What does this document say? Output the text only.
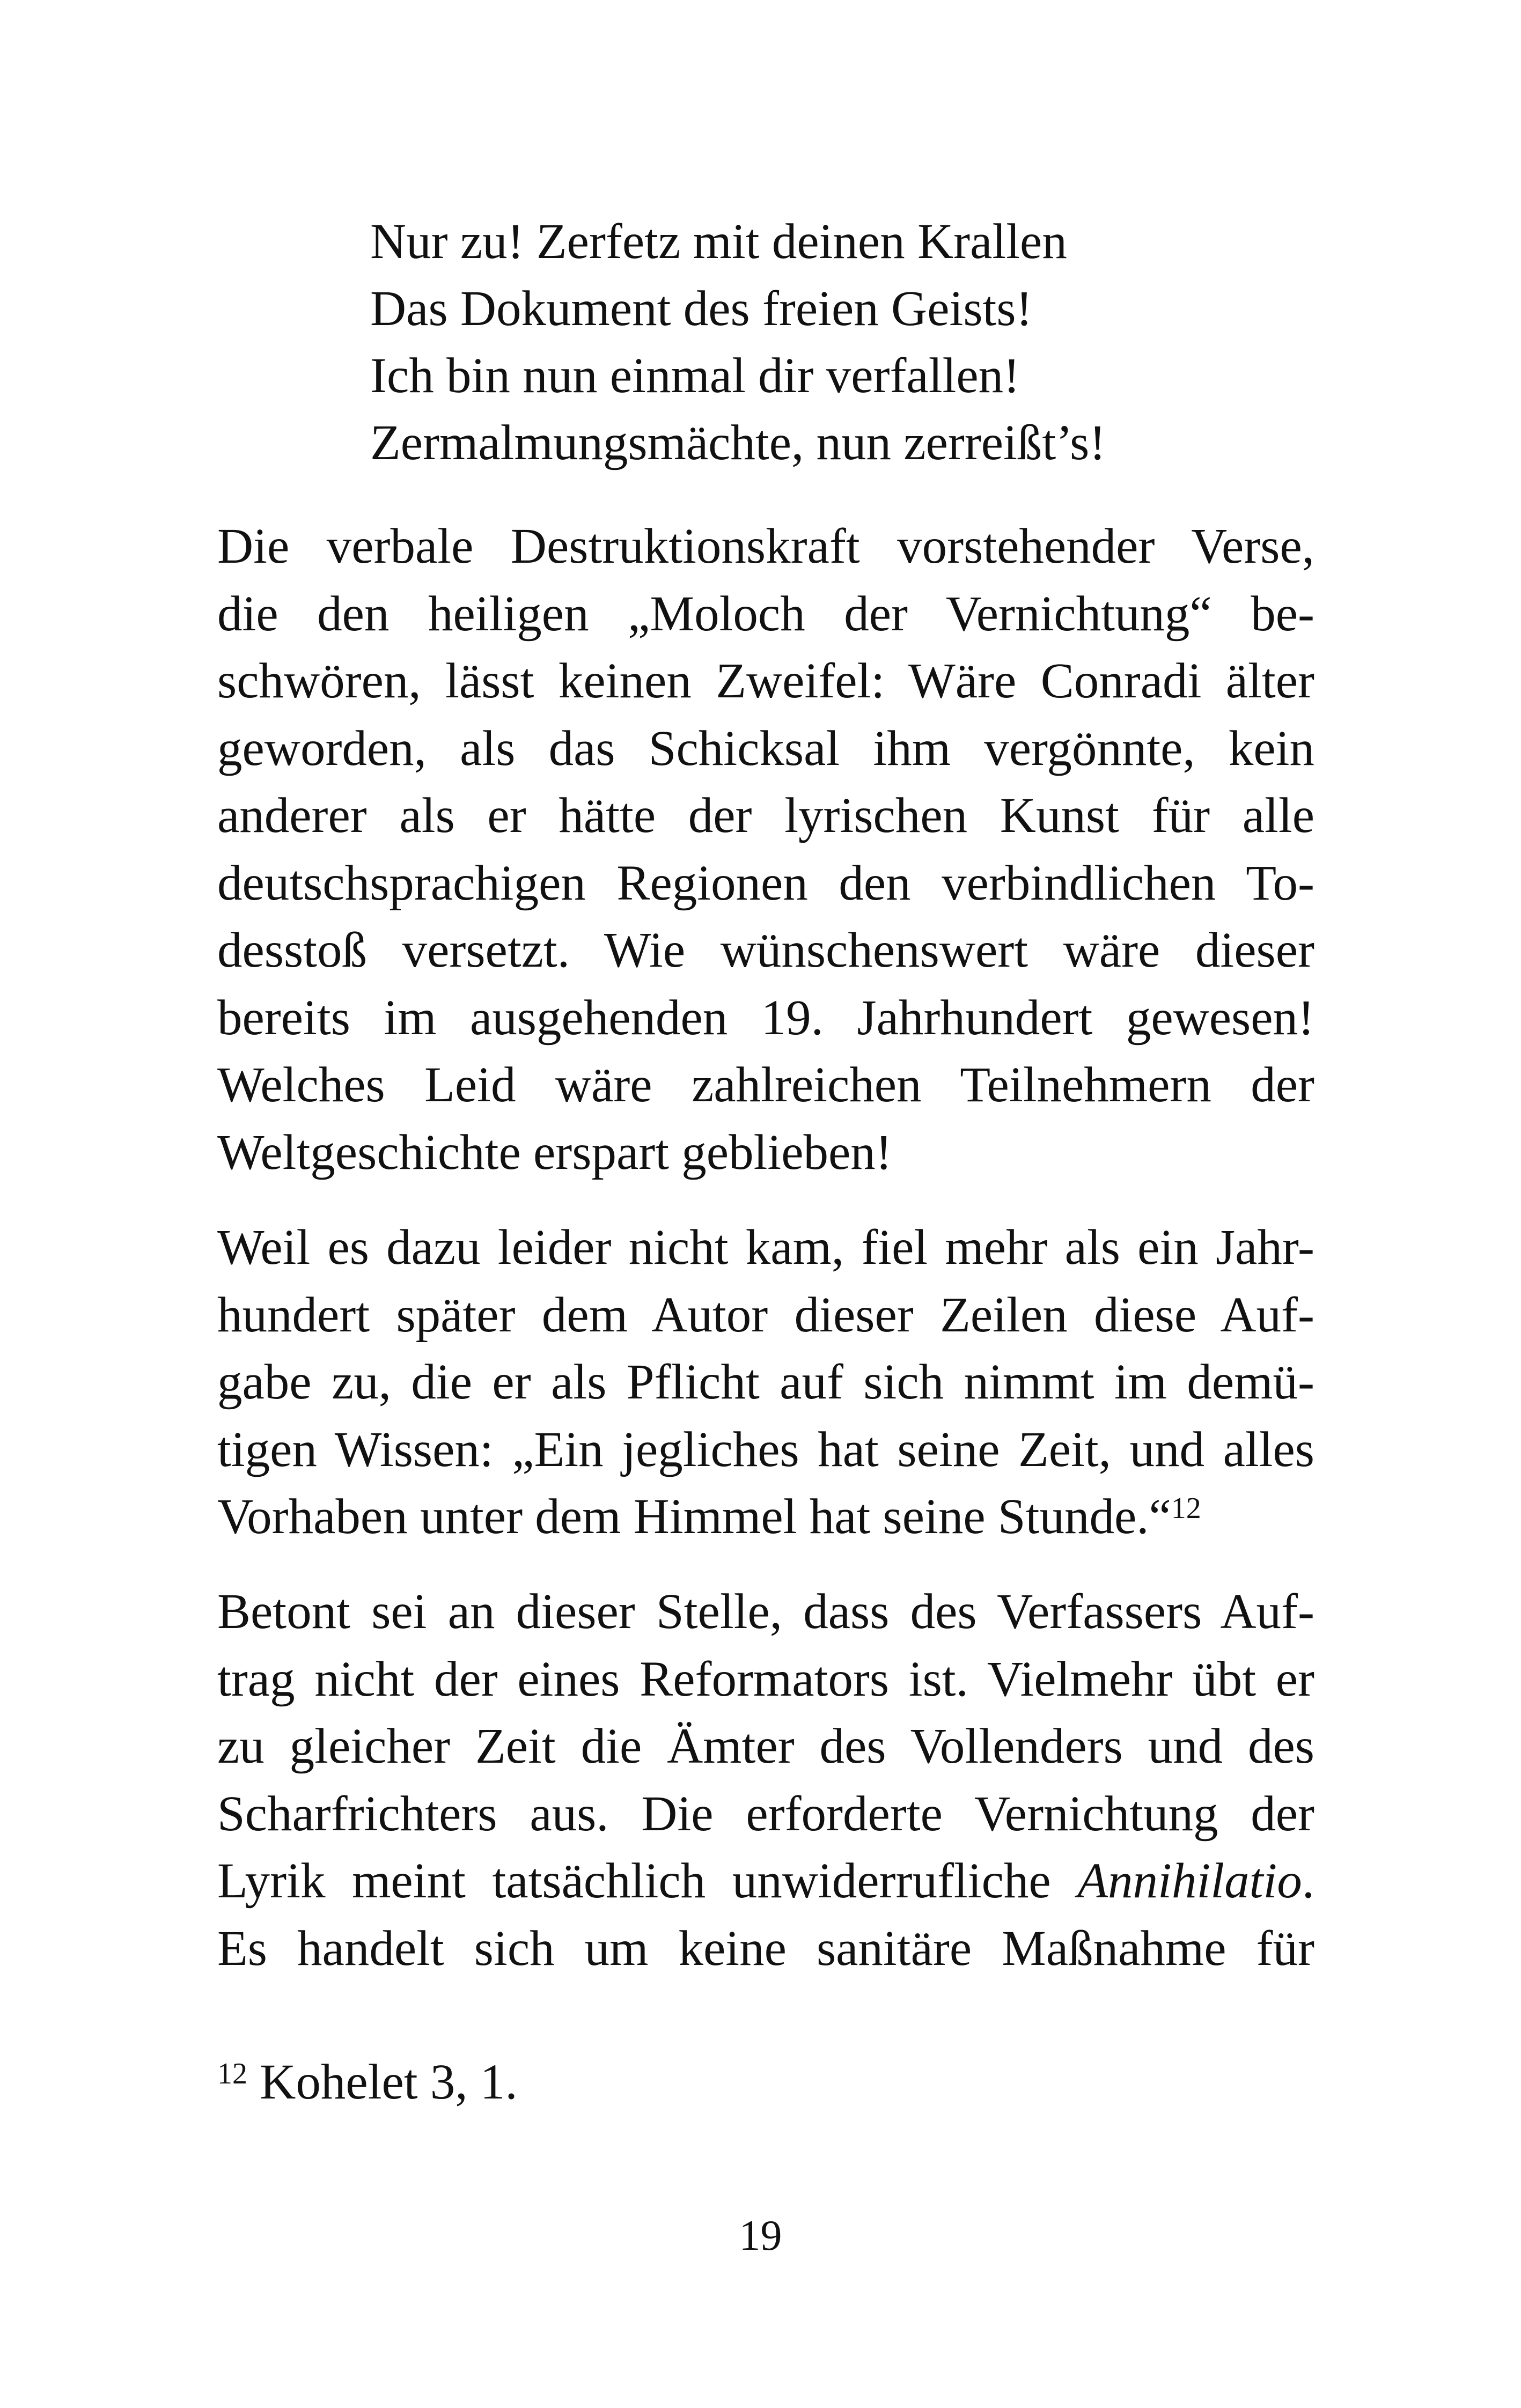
Nur zu! Zerfetz mit deinen Krallen
Das Dokument des freien Geists!
Ich bin nun einmal dir verfallen!
Zermalmungsmächte, nun zerreißt’s!
Die verbale Destruktionskraft vorstehender Verse,
die den heiligen „Moloch der Vernichtung“ be-
schwören, lässt keinen Zweifel: Wäre Conradi älter
geworden, als das Schicksal ihm vergönnte, kein
anderer als er hätte der lyrischen Kunst für alle
deutschsprachigen Regionen den verbindlichen To-
desstoß versetzt. Wie wünschenswert wäre dieser
bereits im ausgehenden 19. Jahrhundert gewesen!
Welches Leid wäre zahlreichen Teilnehmern der
Weltgeschichte erspart geblieben!
Weil es dazu leider nicht kam, fiel mehr als ein Jahr-
hundert später dem Autor dieser Zeilen diese Auf-
gabe zu, die er als Pflicht auf sich nimmt im demü-
tigen Wissen: „Ein jegliches hat seine Zeit, und alles
Vorhaben unter dem Himmel hat seine Stunde.“$^{12}$
Betont sei an dieser Stelle, dass des Verfassers Auf-
trag nicht der eines Reformators ist. Vielmehr übt er
zu gleicher Zeit die Ämter des Vollenders und des
Scharfrichters aus. Die erforderte Vernichtung der
Lyrik meint tatsächlich unwiderrufliche Annihilatio.
Es handelt sich um keine sanitäre Maßnahme für
$^{12}$ Kohelet 3, 1.
19
